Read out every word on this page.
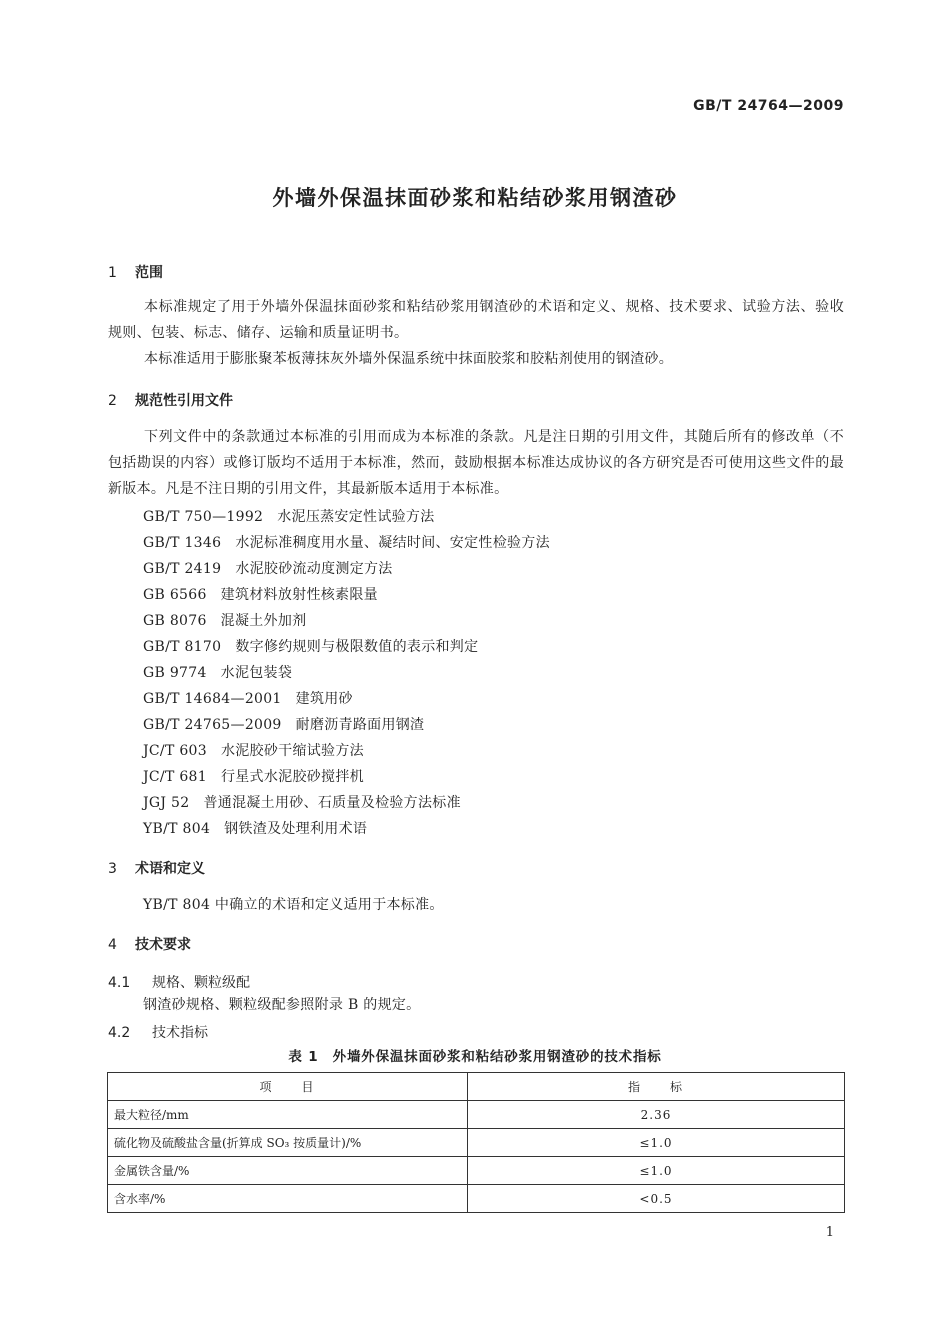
GB/T 24764—2009
外墙外保温抹面砂浆和粘结砂浆用钢渣砂
1 范围
本标准规定了用于外墙外保温抹面砂浆和粘结砂浆用钢渣砂的术语和定义、规格、技术要求、试验方法、验收规则、包装、标志、储存、运输和质量证明书。
本标准适用于膨胀聚苯板薄抹灰外墙外保温系统中抹面胶浆和胶粘剂使用的钢渣砂。
2 规范性引用文件
下列文件中的条款通过本标准的引用而成为本标准的条款。凡是注日期的引用文件，其随后所有的修改单（不包括勘误的内容）或修订版均不适用于本标准，然而，鼓励根据本标准达成协议的各方研究是否可使用这些文件的最新版本。凡是不注日期的引用文件，其最新版本适用于本标准。
GB/T 750—1992 水泥压蒸安定性试验方法
GB/T 1346 水泥标准稠度用水量、凝结时间、安定性检验方法
GB/T 2419 水泥胶砂流动度测定方法
GB 6566 建筑材料放射性核素限量
GB 8076 混凝土外加剂
GB/T 8170 数字修约规则与极限数值的表示和判定
GB 9774 水泥包装袋
GB/T 14684—2001 建筑用砂
GB/T 24765—2009 耐磨沥青路面用钢渣
JC/T 603 水泥胶砂干缩试验方法
JC/T 681 行星式水泥胶砂搅拌机
JGJ 52 普通混凝土用砂、石质量及检验方法标准
YB/T 804 钢铁渣及处理利用术语
3 术语和定义
YB/T 804 中确立的术语和定义适用于本标准。
4 技术要求
4.1 规格、颗粒级配
钢渣砂规格、颗粒级配参照附录 B 的规定。
4.2 技术指标
表 1　外墙外保温抹面砂浆和粘结砂浆用钢渣砂的技术指标
项　　目	指　　标
最大粒径/mm	2.36
硫化物及硫酸盐含量(折算成 SO₃ 按质量计)/%	≤1.0
金属铁含量/%	≤1.0
含水率/%	<0.5
1
